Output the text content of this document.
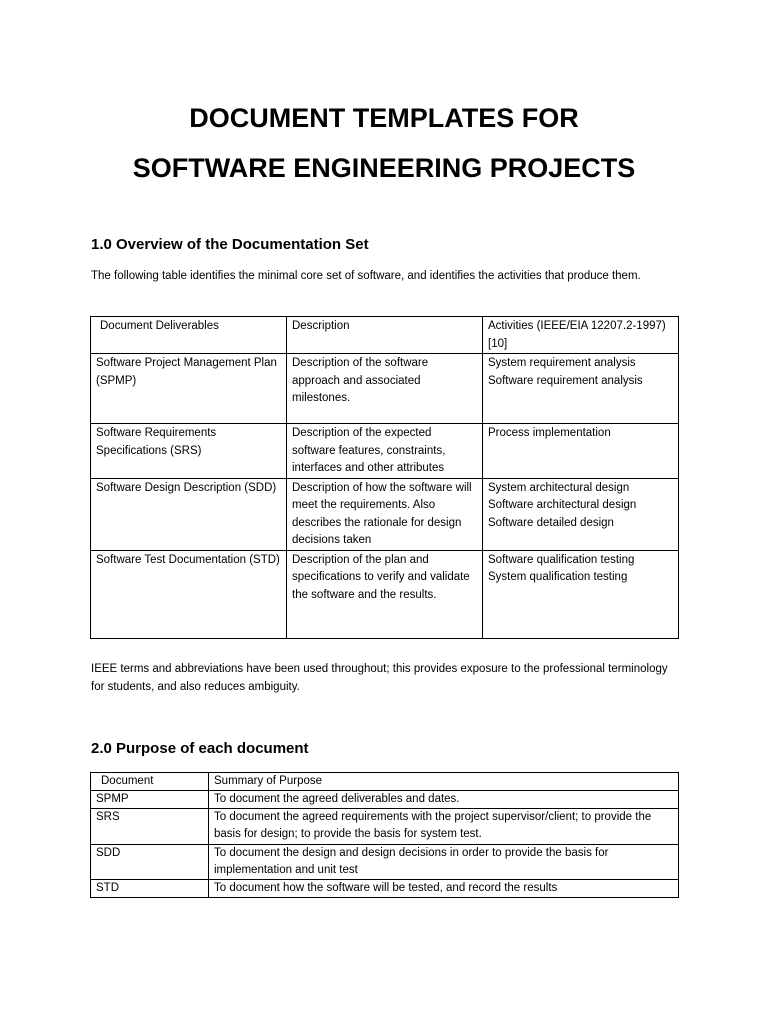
DOCUMENT TEMPLATES FOR
SOFTWARE ENGINEERING PROJECTS
1.0 Overview of the Documentation Set
The following table identifies the minimal core set of software, and identifies the activities that produce them.
Document Deliverables	Description	Activities (IEEE/EIA 12207.2-1997) [10]
Software Project Management Plan (SPMP)	Description of the software approach and associated milestones.	System requirement analysis
Software requirement analysis
Software Requirements Specifications (SRS)	Description of the expected software features, constraints, interfaces and other attributes	Process implementation
Software Design Description (SDD)	Description of how the software will meet the requirements. Also describes the rationale for design decisions taken	System architectural design
Software architectural design
Software detailed design
Software Test Documentation (STD)	Description of the plan and specifications to verify and validate the software and the results.	Software qualification testing
System qualification testing
IEEE terms and abbreviations have been used throughout; this provides exposure to the professional terminology for students, and also reduces ambiguity.
2.0 Purpose of each document
Document	Summary of Purpose
SPMP	To document the agreed deliverables and dates.
SRS	To document the agreed requirements with the project supervisor/client; to provide the basis for design; to provide the basis for system test.
SDD	To document the design and design decisions in order to provide the basis for implementation and unit test
STD	To document how the software will be tested, and record the results
